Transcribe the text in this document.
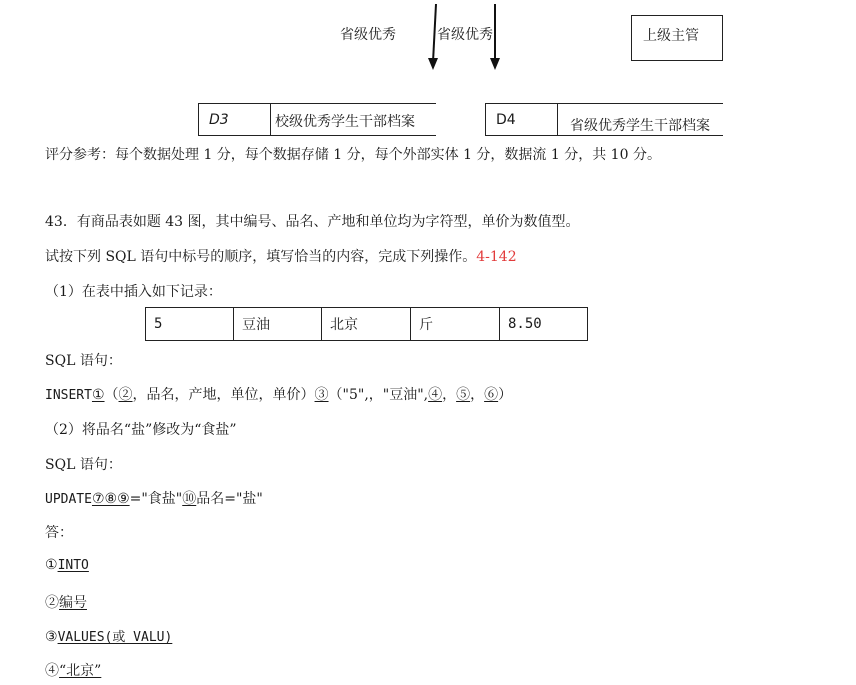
省级优秀	省级优秀	上级主管
D3	校级优秀学生干部档案	D4	省级优秀学生干部档案
评分参考：每个数据处理 1 分，每个数据存储 1 分，每个外部实体 1 分，数据流 1 分，共 10 分。
43．有商品表如题 43 图，其中编号、品名、产地和单位均为字符型，单价为数值型。
试按下列 SQL 语句中标号的顺序，填写恰当的内容，完成下列操作。4-142
（1）在表中插入如下记录：
5	豆油	北京	斤	8.50
SQL 语句：
INSERT①（②，品名，产地，单位，单价）③（"5",，"豆油",④，⑤，⑥）
（2）将品名“盐”修改为“食盐”
SQL 语句：
UPDATE⑦⑧⑨="食盐"⑩品名="盐"
答：
①INTO
②编号
③VALUES(或 VALU)
④“北京”
